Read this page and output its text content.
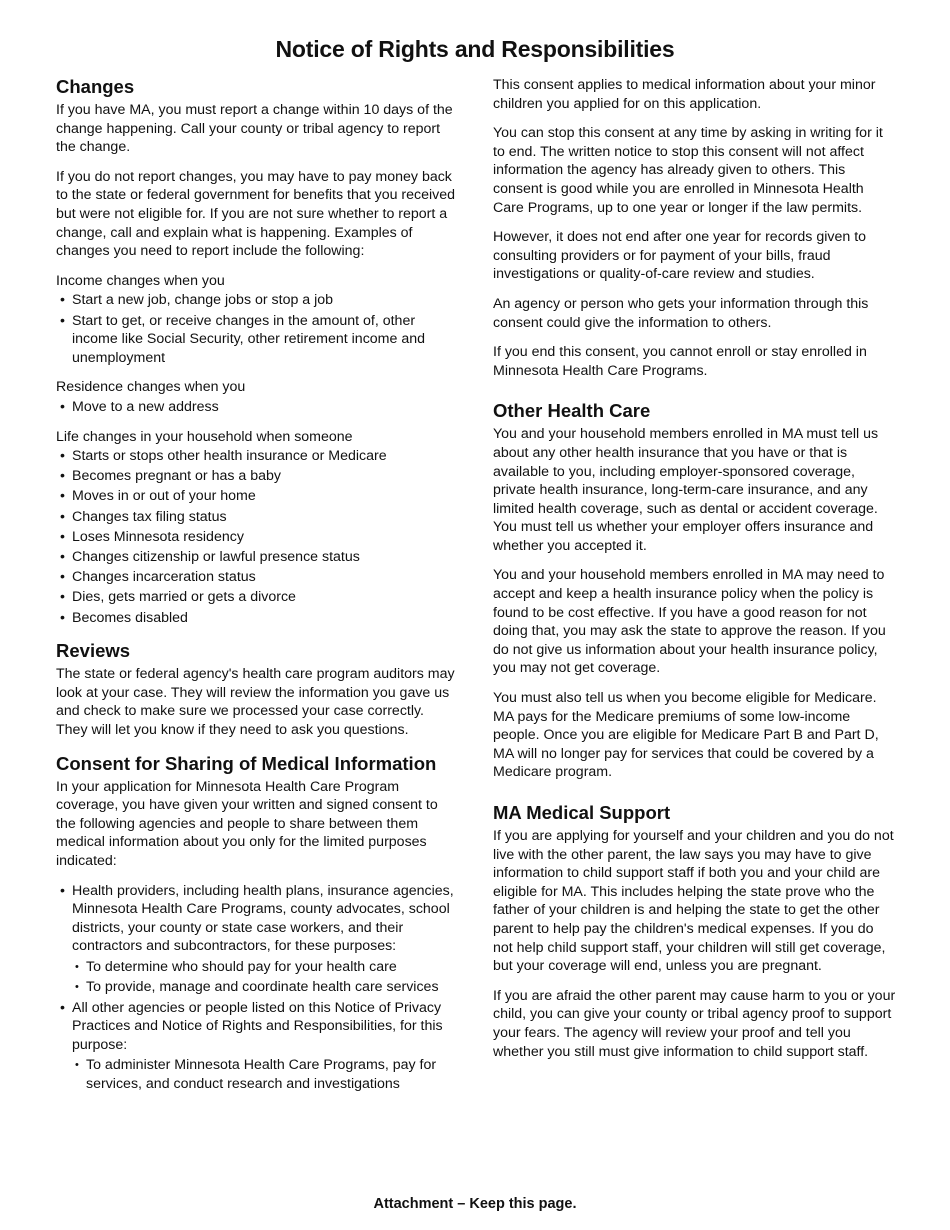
Notice of Rights and Responsibilities
Changes

If you have MA, you must report a change within 10 days of the change happening. Call your county or tribal agency to report the change.

If you do not report changes, you may have to pay money back to the state or federal government for benefits that you received but were not eligible for. If you are not sure whether to report a change, call and explain what is happening. Examples of changes you need to report include the following:

Income changes when you
• Start a new job, change jobs or stop a job
• Start to get, or receive changes in the amount of, other income like Social Security, other retirement income and unemployment
Residence changes when you
• Move to a new address
Life changes in your household when someone
• Starts or stops other health insurance or Medicare
• Becomes pregnant or has a baby
• Moves in or out of your home
• Changes tax filing status
• Loses Minnesota residency
• Changes citizenship or lawful presence status
• Changes incarceration status
• Dies, gets married or gets a divorce
• Becomes disabled
Reviews

The state or federal agency's health care program auditors may look at your case. They will review the information you gave us and check to make sure we processed your case correctly. They will let you know if they need to ask you questions.

Consent for Sharing of Medical Information

In your application for Minnesota Health Care Program coverage, you have given your written and signed consent to the following agencies and people to share between them medical information about you only for the limited purposes indicated:

• Health providers, including health plans, insurance agencies, Minnesota Health Care Programs, county advocates, school districts, your county or state case workers, and their contractors and subcontractors, for these purposes:
• To determine who should pay for your health care
• To provide, manage and coordinate health care services
• All other agencies or people listed on this Notice of Privacy Practices and Notice of Rights and Responsibilities, for this purpose:
• To administer Minnesota Health Care Programs, pay for services, and conduct research and investigations

This consent applies to medical information about your minor children you applied for on this application.

You can stop this consent at any time by asking in writing for it to end. The written notice to stop this consent will not affect information the agency has already given to others. This consent is good while you are enrolled in Minnesota Health Care Programs, up to one year or longer if the law permits.

However, it does not end after one year for records given to consulting providers or for payment of your bills, fraud investigations or quality-of-care review and studies.

An agency or person who gets your information through this consent could give the information to others.

If you end this consent, you cannot enroll or stay enrolled in Minnesota Health Care Programs.

Other Health Care

You and your household members enrolled in MA must tell us about any other health insurance that you have or that is available to you, including employer-sponsored coverage, private health insurance, long-term-care insurance, and any limited health coverage, such as dental or accident coverage. You must tell us whether your employer offers insurance and whether you accepted it.

You and your household members enrolled in MA may need to accept and keep a health insurance policy when the policy is found to be cost effective. If you have a good reason for not doing that, you may ask the state to approve the reason. If you do not give us information about your health insurance policy, you may not get coverage.

You must also tell us when you become eligible for Medicare. MA pays for the Medicare premiums of some low-income people. Once you are eligible for Medicare Part B and Part D, MA will no longer pay for services that could be covered by a Medicare program.

MA Medical Support

If you are applying for yourself and your children and you do not live with the other parent, the law says you may have to give information to child support staff if both you and your child are eligible for MA. This includes helping the state prove who the father of your children is and helping the state to get the other parent to help pay the children's medical expenses. If you do not help child support staff, your children will still get coverage, but your coverage will end, unless you are pregnant.

If you are afraid the other parent may cause harm to you or your child, you can give your county or tribal agency proof to support your fears. The agency will review your proof and tell you whether you still must give information to child support staff.

Attachment – Keep this page.
